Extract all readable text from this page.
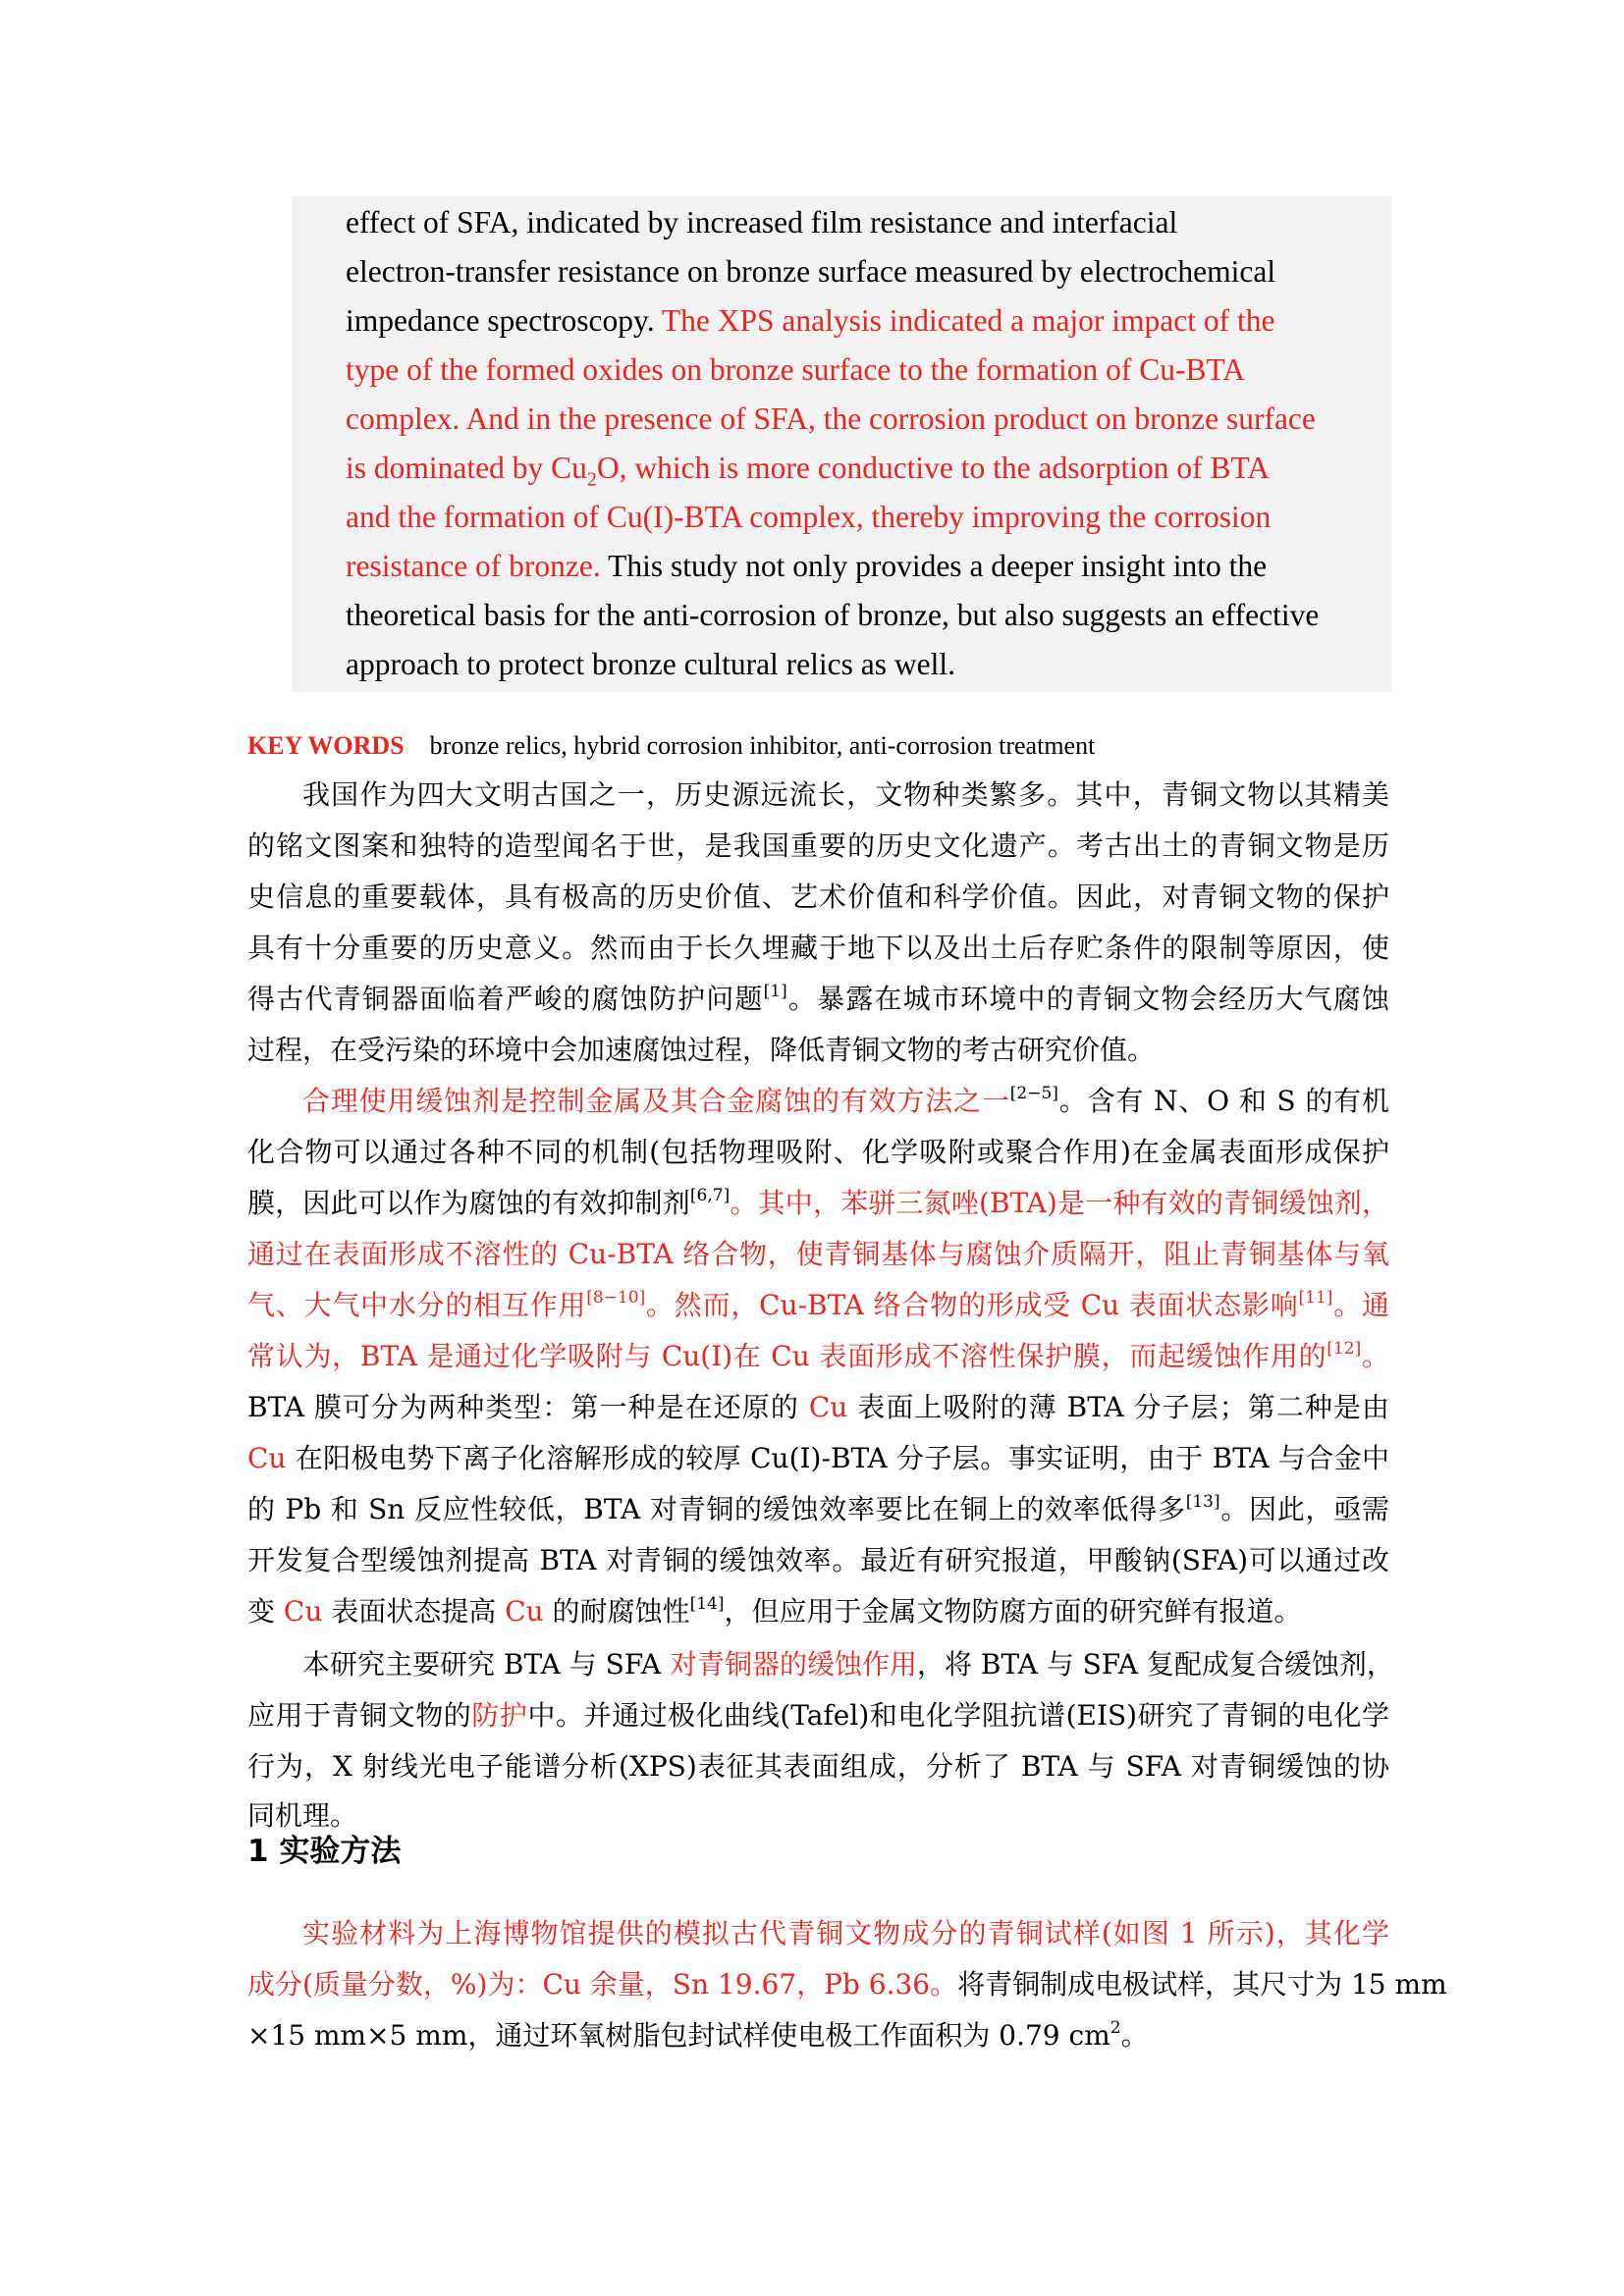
effect of SFA, indicated by increased film resistance and interfacial
electron-transfer resistance on bronze surface measured by electrochemical
impedance spectroscopy. The XPS analysis indicated a major impact of the
type of the formed oxides on bronze surface to the formation of Cu-BTA
complex. And in the presence of SFA, the corrosion product on bronze surface
is dominated by $Cu_2O$, which is more conductive to the adsorption of BTA
and the formation of Cu(I)-BTA complex, thereby improving the corrosion
resistance of bronze. This study not only provides a deeper insight into the
theoretical basis for the anti-corrosion of bronze, but also suggests an effective
approach to protect bronze cultural relics as well.
KEY WORDS bronze relics, hybrid corrosion inhibitor, anti-corrosion treatment
我国作为四大文明古国之一，历史源远流长，文物种类繁多。其中，青铜文物以其精美
的铭文图案和独特的造型闻名于世，是我国重要的历史文化遗产。考古出土的青铜文物是历
史信息的重要载体，具有极高的历史价值、艺术价值和科学价值。因此，对青铜文物的保护
具有十分重要的历史意义。然而由于长久埋藏于地下以及出土后存贮条件的限制等原因，使
得古代青铜器面临着严峻的腐蚀防护问题[1]。暴露在城市环境中的青铜文物会经历大气腐蚀
过程，在受污染的环境中会加速腐蚀过程，降低青铜文物的考古研究价值。
合理使用缓蚀剂是控制金属及其合金腐蚀的有效方法之一[2−5]。含有 N、O 和 S 的有机
化合物可以通过各种不同的机制(包括物理吸附、化学吸附或聚合作用)在金属表面形成保护
膜，因此可以作为腐蚀的有效抑制剂[6,7]。其中，苯骈三氮唑(BTA)是一种有效的青铜缓蚀剂，
通过在表面形成不溶性的 Cu-BTA 络合物，使青铜基体与腐蚀介质隔开，阻止青铜基体与氧
气、大气中水分的相互作用[8−10]。然而，Cu-BTA 络合物的形成受 Cu 表面状态影响[11]。通
常认为，BTA 是通过化学吸附与 Cu(I)在 Cu 表面形成不溶性保护膜，而起缓蚀作用的[12]。
BTA 膜可分为两种类型：第一种是在还原的 Cu 表面上吸附的薄 BTA 分子层；第二种是由
Cu 在阳极电势下离子化溶解形成的较厚 Cu(I)-BTA 分子层。事实证明，由于 BTA 与合金中
的 Pb 和 Sn 反应性较低，BTA 对青铜的缓蚀效率要比在铜上的效率低得多[13]。因此，亟需
开发复合型缓蚀剂提高 BTA 对青铜的缓蚀效率。最近有研究报道，甲酸钠(SFA)可以通过改
变 Cu 表面状态提高 Cu 的耐腐蚀性[14]，但应用于金属文物防腐方面的研究鲜有报道。
本研究主要研究 BTA 与 SFA 对青铜器的缓蚀作用，将 BTA 与 SFA 复配成复合缓蚀剂，
应用于青铜文物的防护中。并通过极化曲线(Tafel)和电化学阻抗谱(EIS)研究了青铜的电化学
行为，X 射线光电子能谱分析(XPS)表征其表面组成，分析了 BTA 与 SFA 对青铜缓蚀的协
同机理。
1 实验方法
实验材料为上海博物馆提供的模拟古代青铜文物成分的青铜试样(如图 1 所示)，其化学
成分(质量分数，%)为：Cu 余量，Sn 19.67，Pb 6.36。将青铜制成电极试样，其尺寸为 15 mm
×15 mm×5 mm，通过环氧树脂包封试样使电极工作面积为 0.79 $cm^2$。
